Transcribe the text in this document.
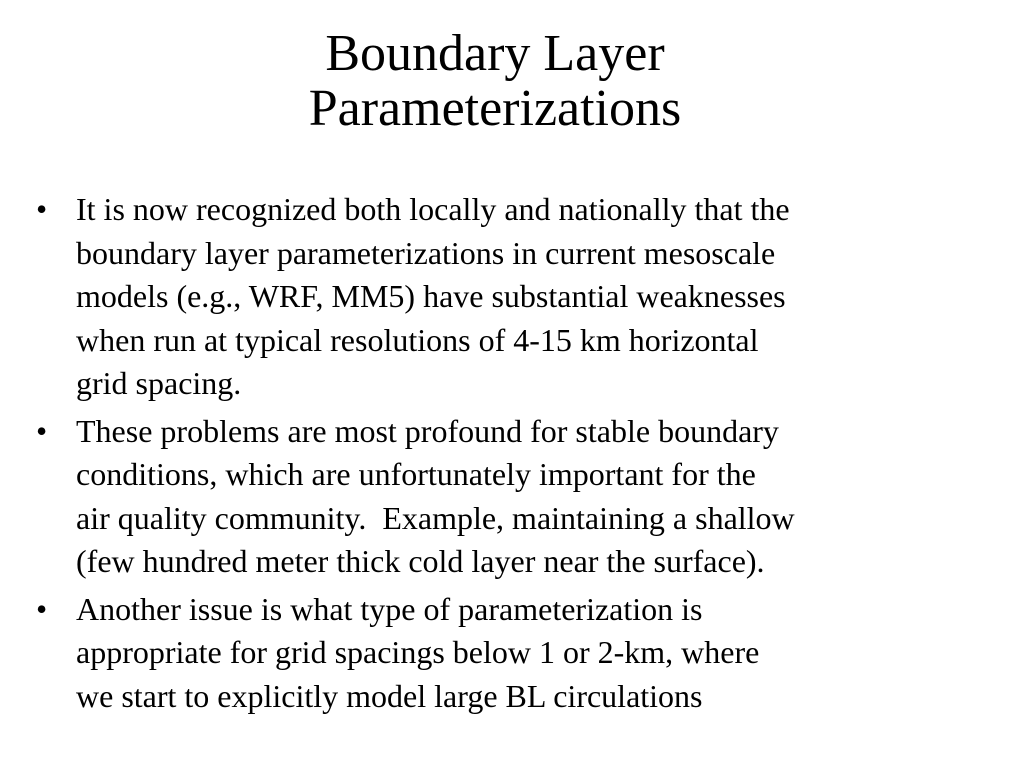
Boundary Layer
Parameterizations
• It is now recognized both locally and nationally that the
boundary layer parameterizations in current mesoscale
models (e.g., WRF, MM5) have substantial weaknesses
when run at typical resolutions of 4-15 km horizontal
grid spacing.
• These problems are most profound for stable boundary
conditions, which are unfortunately important for the
air quality community.  Example, maintaining a shallow
(few hundred meter thick cold layer near the surface).
• Another issue is what type of parameterization is
appropriate for grid spacings below 1 or 2-km, where
we start to explicitly model large BL circulations
